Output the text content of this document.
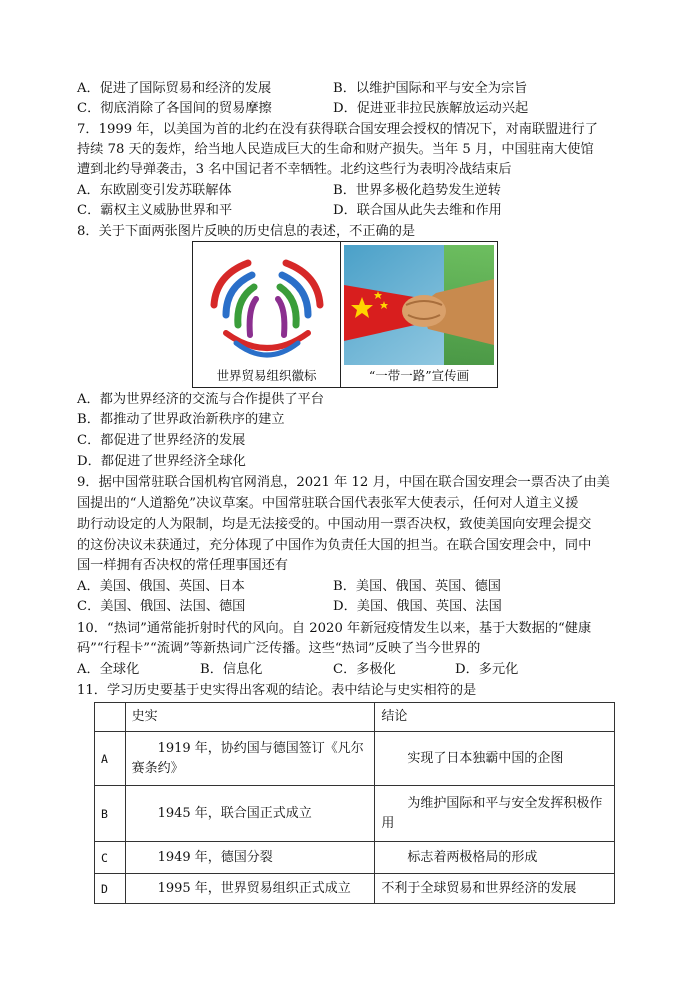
A．促进了国际贸易和经济的发展	B．以维护国际和平与安全为宗旨
C．彻底消除了各国间的贸易摩擦	D．促进亚非拉民族解放运动兴起
7．1999 年，以美国为首的北约在没有获得联合国安理会授权的情况下，对南联盟进行了
持续 78 天的轰炸，给当地人民造成巨大的生命和财产损失。当年 5 月，中国驻南大使馆
遭到北约导弹袭击，3 名中国记者不幸牺牲。北约这些行为表明冷战结束后
A．东欧剧变引发苏联解体	B．世界多极化趋势发生逆转
C．霸权主义威胁世界和平	D．联合国从此失去维和作用
8．关于下面两张图片反映的历史信息的表述，不正确的是
世界贸易组织徽标	“一带一路”宣传画
A．都为世界经济的交流与合作提供了平台
B．都推动了世界政治新秩序的建立
C．都促进了世界经济的发展
D．都促进了世界经济全球化
9．据中国常驻联合国机构官网消息，2021 年 12 月，中国在联合国安理会一票否决了由美
国提出的“人道豁免”决议草案。中国常驻联合国代表张军大使表示，任何对人道主义援
助行动设定的人为限制，均是无法接受的。中国动用一票否决权，致使美国向安理会提交
的这份决议未获通过，充分体现了中国作为负责任大国的担当。在联合国安理会中，同中
国一样拥有否决权的常任理事国还有
A．美国、俄国、英国、日本	B．美国、俄国、英国、德国
C．美国、俄国、法国、德国	D．美国、俄国、英国、法国
10．“热词”通常能折射时代的风向。自 2020 年新冠疫情发生以来，基于大数据的“健康
码”“行程卡”“流调”等新热词广泛传播。这些“热词”反映了当今世界的
A．全球化	B．信息化	C．多极化	D．多元化
11．学习历史要基于史实得出客观的结论。表中结论与史实相符的是
	史实	结论
A	1919 年，协约国与德国签订《凡尔赛条约》	实现了日本独霸中国的企图
B	1945 年，联合国正式成立	为维护国际和平与安全发挥积极作用
C	1949 年，德国分裂	标志着两极格局的形成
D	1995 年，世界贸易组织正式成立	不利于全球贸易和世界经济的发展
